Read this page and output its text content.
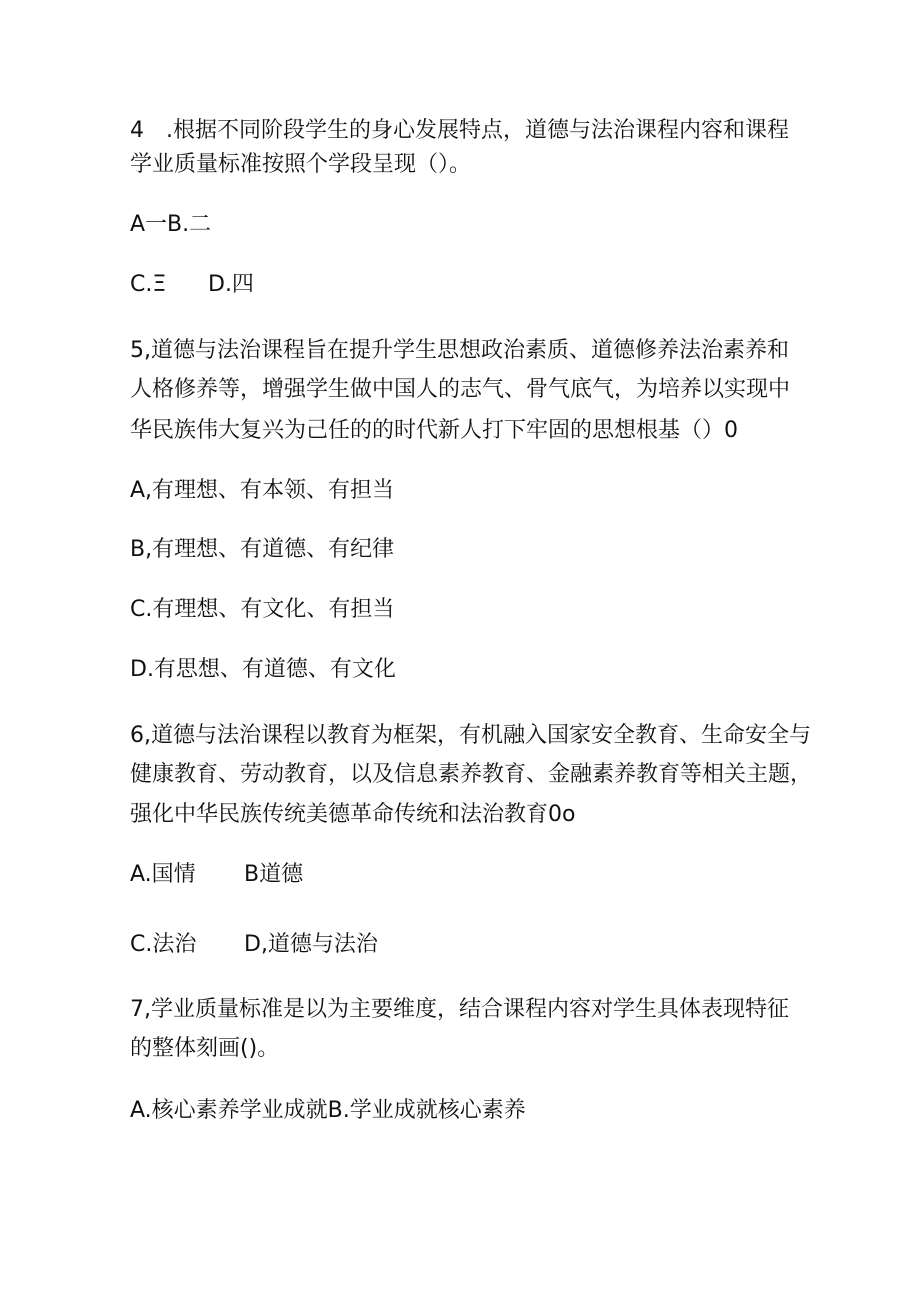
4　.根据不同阶段学生的身心发展特点，道德与法治课程内容和课程
学业质量标准按照个学段呈现（）。
A一B.二
C.Ξ D.四
5,道德与法治课程旨在提升学生思想政治素质、道德修养法治素养和
人格修养等，增强学生做中国人的志气、骨气底气，为培养以实现中
华民族伟大复兴为己任的的时代新人打下牢固的思想根基（）0
A,有理想、有本领、有担当
B,有理想、有道德、有纪律
C.有理想、有文化、有担当
D.有思想、有道德、有文化
6,道德与法治课程以教育为框架，有机融入国家安全教育、生命安全与
健康教育、劳动教育，以及信息素养教育、金融素养教育等相关主题，
强化中华民族传统美德革命传统和法治教育0o
A.国情 B道德
C.法治 D,道德与法治
7,学业质量标准是以为主要维度，结合课程内容对学生具体表现特征
的整体刻画()。
A.核心素养学业成就B.学业成就核心素养
